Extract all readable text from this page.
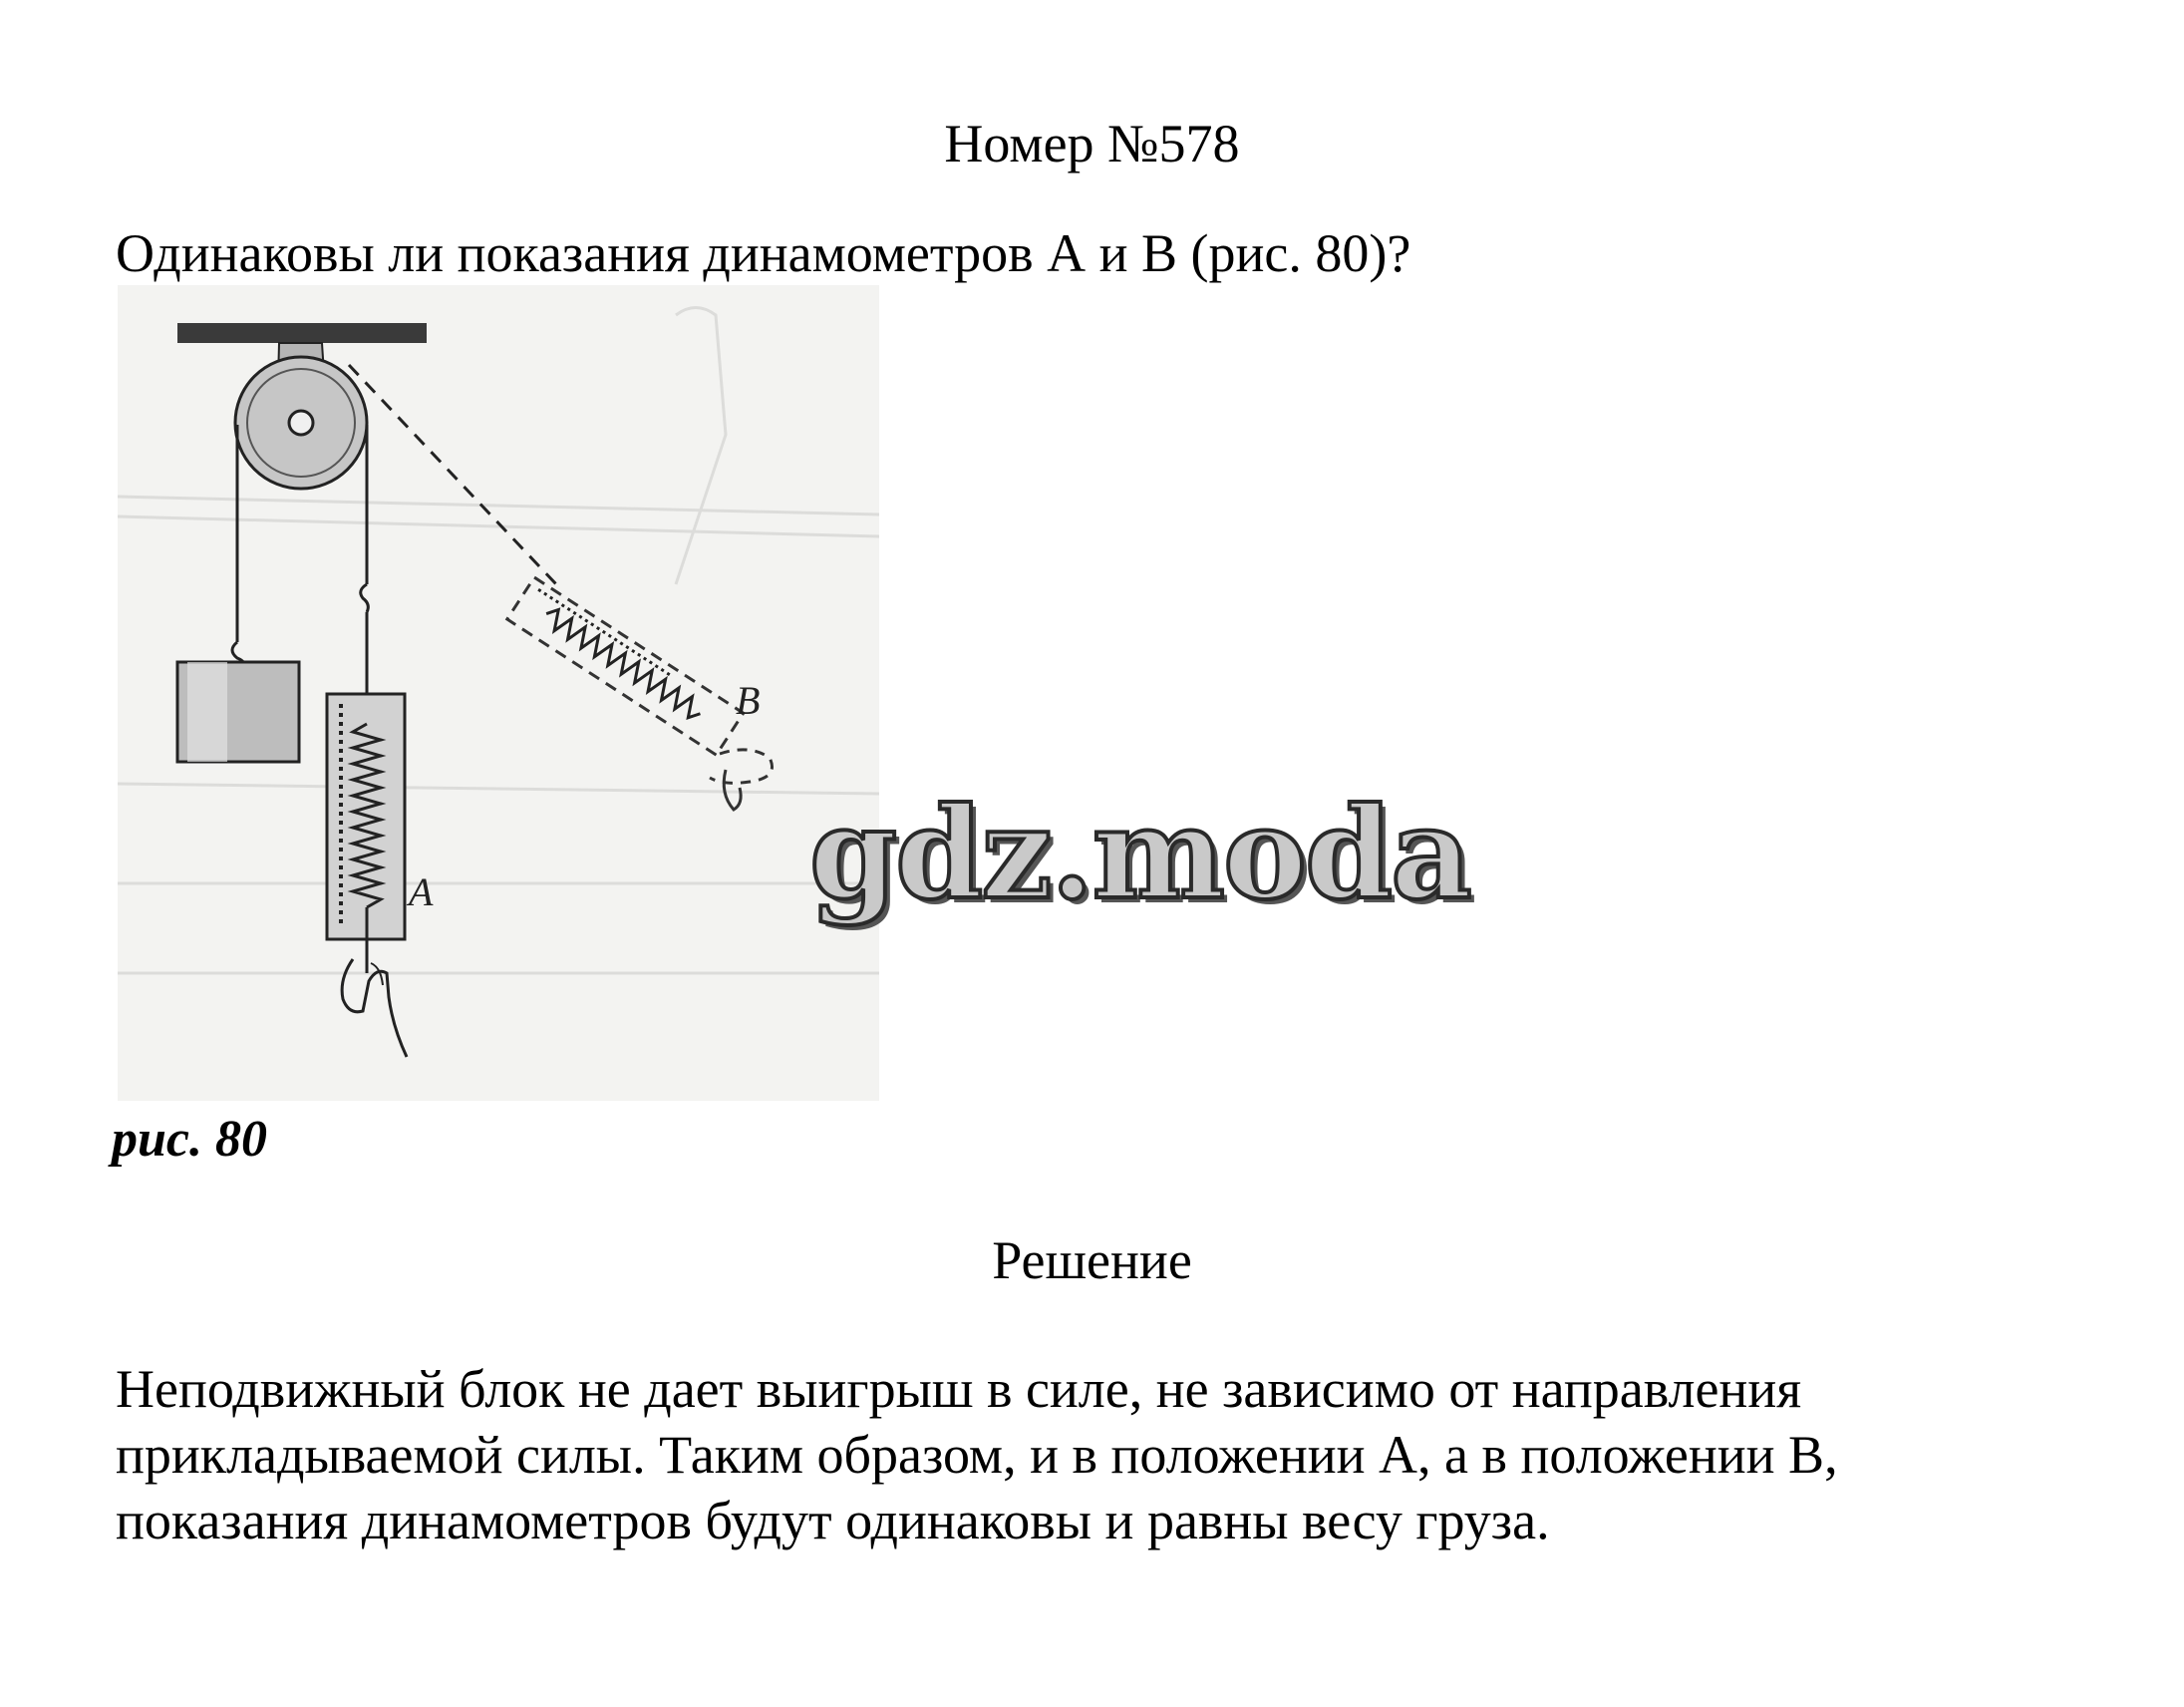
Номер №578
Одинаковы ли показания динамометров А и В (рис. 80)?
A
B
gdz.moda
рис. 80
Решение

Неподвижный блок не дает выигрыш в силе, не зависимо от направления

прикладываемой силы. Таким образом, и в положении А, а в положении В,

показания динамометров будут одинаковы и равны весу груза.
